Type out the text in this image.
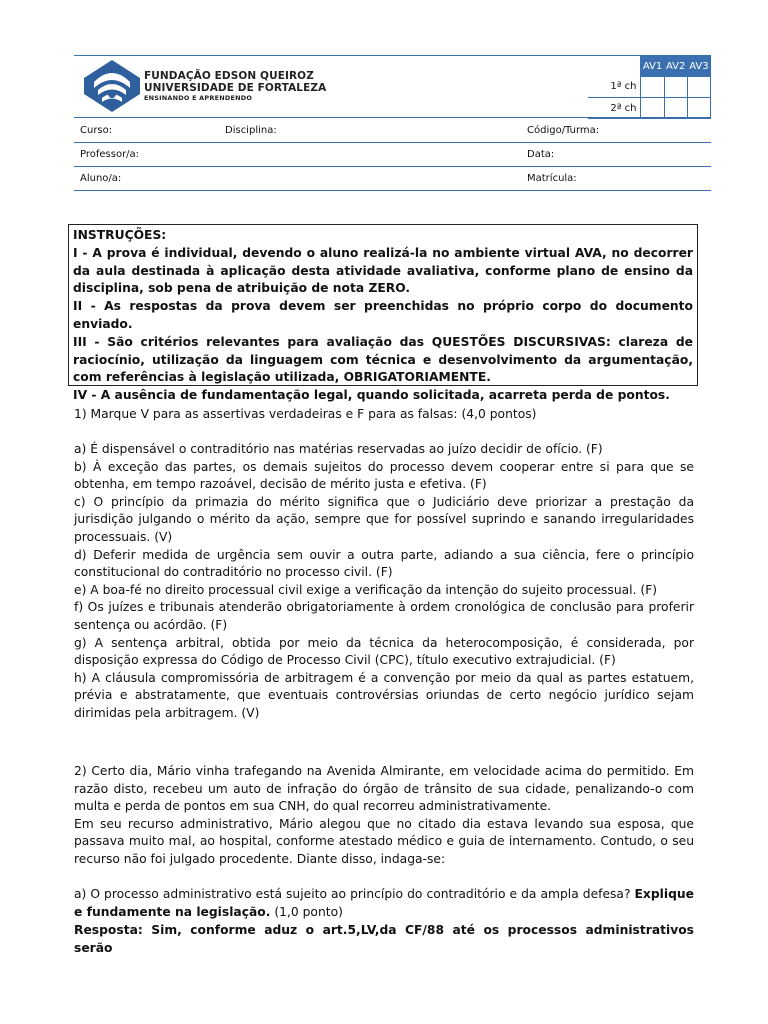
FUNDAÇÃO EDSON QUEIROZ
UNIVERSIDADE DE FORTALEZA
ENSINANDO E APRENDENDO
	AV1	AV2	AV3
1ª ch			
2ª ch			
Curso:	Disciplina:	Código/Turma:
Professor/a:	Data:
Aluno/a:	Matrícula:

INSTRUÇÕES:

I - A prova é individual, devendo o aluno realizá-la no ambiente virtual AVA, no decorrer da aula destinada à aplicação desta atividade avaliativa, conforme plano de ensino da disciplina, sob pena de atribuição de nota ZERO.

II - As respostas da prova devem ser preenchidas no próprio corpo do documento enviado.

III - São critérios relevantes para avaliação das QUESTÕES DISCURSIVAS: clareza de raciocínio, utilização da linguagem com técnica e desenvolvimento da argumentação, com referências à legislação utilizada, OBRIGATORIAMENTE.

IV - A ausência de fundamentação legal, quando solicitada, acarreta perda de pontos.

1) Marque V para as assertivas verdadeiras e F para as falsas: (4,0 pontos)

a) É dispensável o contraditório nas matérias reservadas ao juízo decidir de ofício. (F)

b) À exceção das partes, os demais sujeitos do processo devem cooperar entre si para que se obtenha, em tempo razoável, decisão de mérito justa e efetiva. (F)

c) O princípio da primazia do mérito significa que o Judiciário deve priorizar a prestação da jurisdição julgando o mérito da ação, sempre que for possível suprindo e sanando irregularidades processuais. (V)

d) Deferir medida de urgência sem ouvir a outra parte, adiando a sua ciência, fere o princípio constitucional do contraditório no processo civil. (F)

e) A boa-fé no direito processual civil exige a verificação da intenção do sujeito processual. (F)

f) Os juízes e tribunais atenderão obrigatoriamente à ordem cronológica de conclusão para proferir sentença ou acórdão. (F)

g) A sentença arbitral, obtida por meio da técnica da heterocomposição, é considerada, por disposição expressa do Código de Processo Civil (CPC), título executivo extrajudicial. (F)

h) A cláusula compromissória de arbitragem é a convenção por meio da qual as partes estatuem, prévia e abstratamente, que eventuais controvérsias oriundas de certo negócio jurídico sejam dirimidas pela arbitragem. (V)

2) Certo dia, Mário vinha trafegando na Avenida Almirante, em velocidade acima do permitido. Em razão disto, recebeu um auto de infração do órgão de trânsito de sua cidade, penalizando-o com multa e perda de pontos em sua CNH, do qual recorreu administrativamente.

Em seu recurso administrativo, Mário alegou que no citado dia estava levando sua esposa, que passava muito mal, ao hospital, conforme atestado médico e guia de internamento. Contudo, o seu recurso não foi julgado procedente. Diante disso, indaga-se:

a) O processo administrativo está sujeito ao princípio do contraditório e da ampla defesa? Explique e fundamente na legislação. (1,0 ponto)

Resposta: Sim, conforme aduz o art.5,LV,da CF/88 até os processos administrativos serão
